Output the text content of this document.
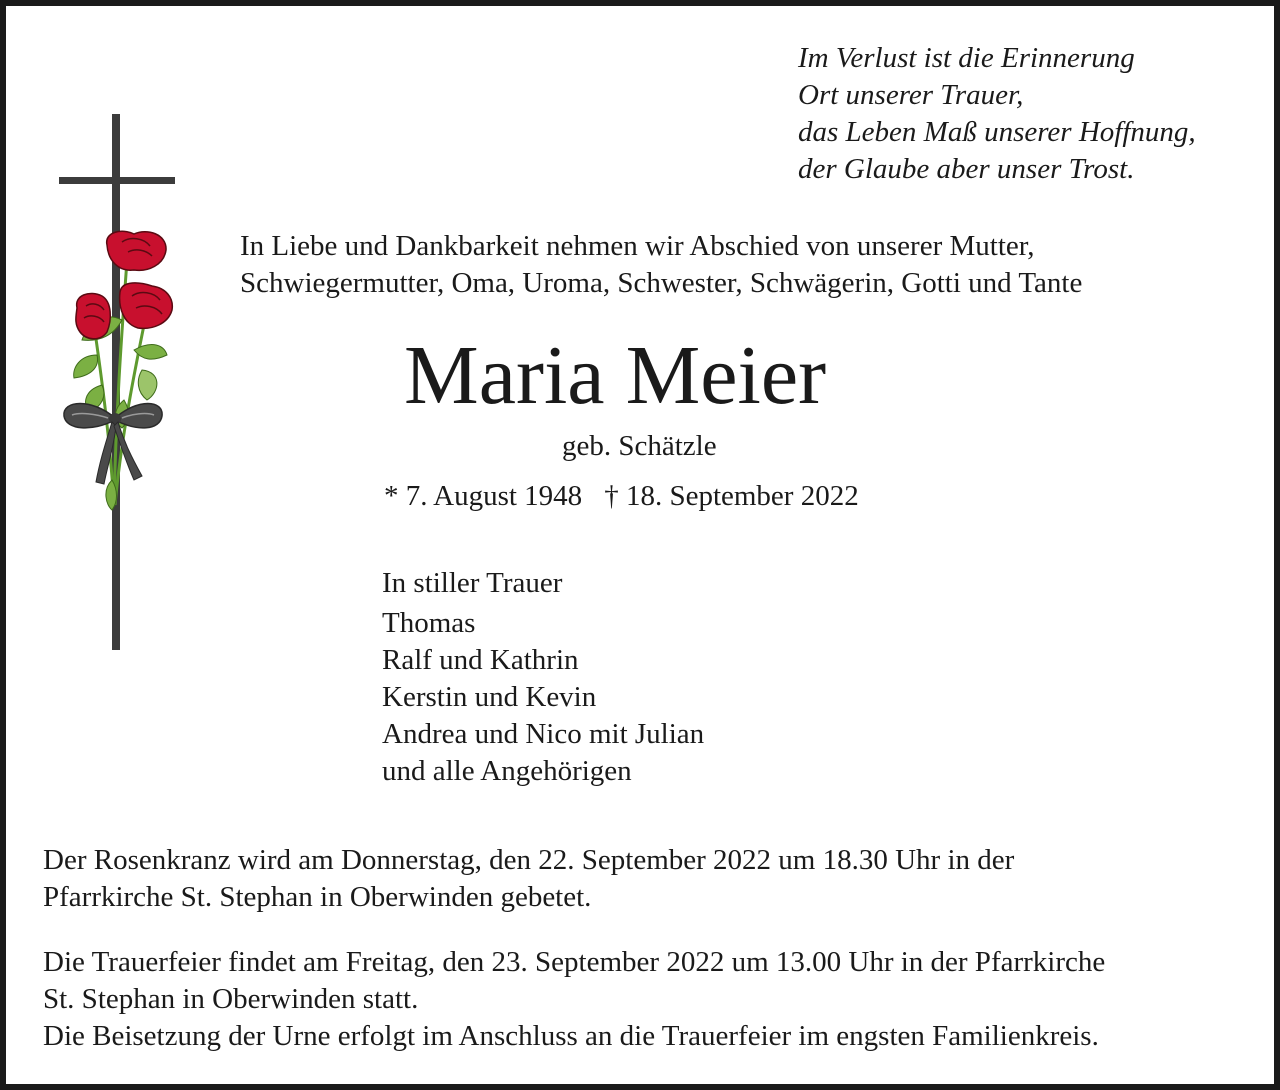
Im Verlust ist die Erinnerung
Ort unserer Trauer,
das Leben Maß unserer Hoffnung,
der Glaube aber unser Trost.
In Liebe und Dankbarkeit nehmen wir Abschied von unserer Mutter,
Schwiegermutter, Oma, Uroma, Schwester, Schwägerin, Gotti und Tante
Maria Meier
geb. Schätzle
* 7. August 1948 † 18. September 2022
In stiller Trauer
Thomas
Ralf und Kathrin
Kerstin und Kevin
Andrea und Nico mit Julian
und alle Angehörigen
Der Rosenkranz wird am Donnerstag, den 22. September 2022 um 18.30 Uhr in der
Pfarrkirche St. Stephan in Oberwinden gebetet.
Die Trauerfeier findet am Freitag, den 23. September 2022 um 13.00 Uhr in der Pfarrkirche
St. Stephan in Oberwinden statt.
Die Beisetzung der Urne erfolgt im Anschluss an die Trauerfeier im engsten Familienkreis.
